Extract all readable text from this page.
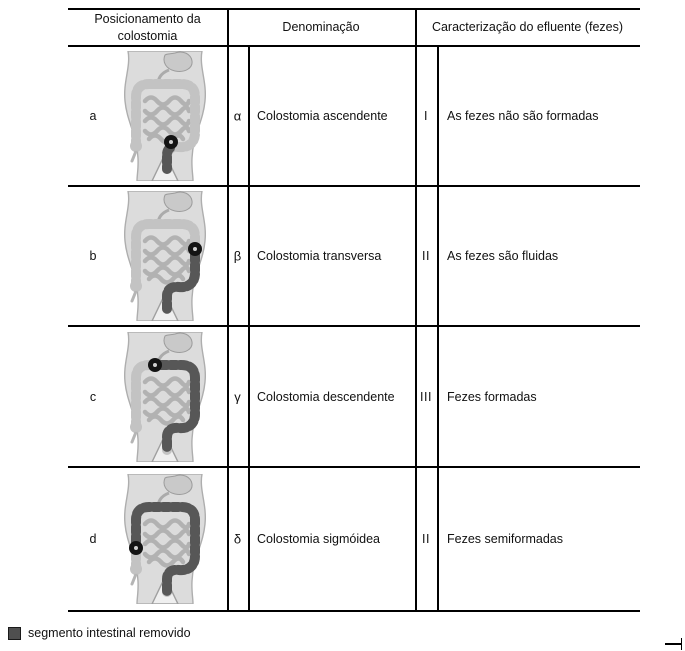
Posicionamento da colostomia
Denominação	Caracterização do efluente (fezes)
a	α	Colostomia ascendente	I	As fezes não são formadas
b	β	Colostomia transversa	II	As fezes são fluidas
c	γ	Colostomia descendente	III	Fezes formadas
d	δ	Colostomia sigmóidea	II	Fezes semiformadas
segmento intestinal removido
